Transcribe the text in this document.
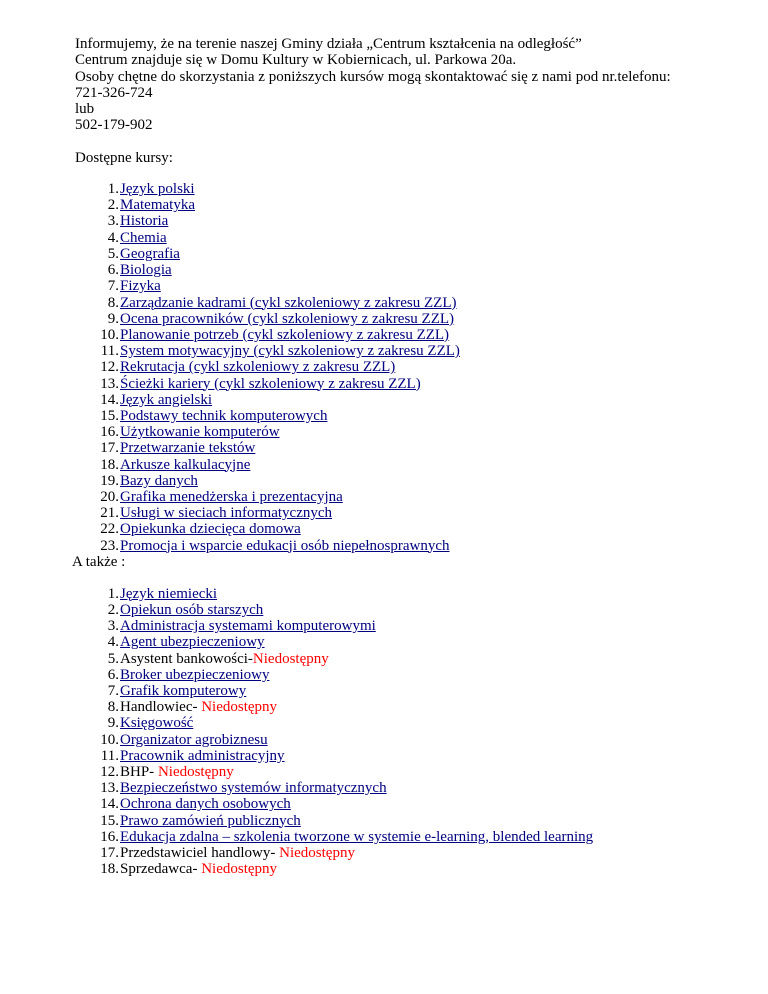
Informujemy, że na terenie naszej Gminy działa „Centrum kształcenia na odległość”

Centrum znajduje się w Domu Kultury w Kobiernicach, ul. Parkowa 20a.

Osoby chętne do skorzystania z poniższych kursów mogą skontaktować się z nami pod nr.telefonu:

721-326-724

lub

502-179-902

Dostępne kursy:

1. Język polski
2. Matematyka
3. Historia
4. Chemia
5. Geografia
6. Biologia
7. Fizyka
8. Zarządzanie kadrami (cykl szkoleniowy z zakresu ZZL)
9. Ocena pracowników (cykl szkoleniowy z zakresu ZZL)
10. Planowanie potrzeb (cykl szkoleniowy z zakresu ZZL)
11. System motywacyjny (cykl szkoleniowy z zakresu ZZL)
12. Rekrutacja (cykl szkoleniowy z zakresu ZZL)
13. Ścieżki kariery (cykl szkoleniowy z zakresu ZZL)
14. Język angielski
15. Podstawy technik komputerowych
16. Użytkowanie komputerów
17. Przetwarzanie tekstów
18. Arkusze kalkulacyjne
19. Bazy danych
20. Grafika menedżerska i prezentacyjna
21. Usługi w sieciach informatycznych
22. Opiekunka dziecięca domowa
23. Promocja i wsparcie edukacji osób niepełnosprawnych

A także :

1. Język niemiecki
2. Opiekun osób starszych
3. Administracja systemami komputerowymi
4. Agent ubezpieczeniowy
5. Asystent bankowości-Niedostępny
6. Broker ubezpieczeniowy
7. Grafik komputerowy
8. Handlowiec- Niedostępny
9. Księgowość
10. Organizator agrobiznesu
11. Pracownik administracyjny
12. BHP- Niedostępny
13. Bezpieczeństwo systemów informatycznych
14. Ochrona danych osobowych
15. Prawo zamówień publicznych
16. Edukacja zdalna – szkolenia tworzone w systemie e-learning, blended learning
17. Przedstawiciel handlowy- Niedostępny
18. Sprzedawca- Niedostępny
